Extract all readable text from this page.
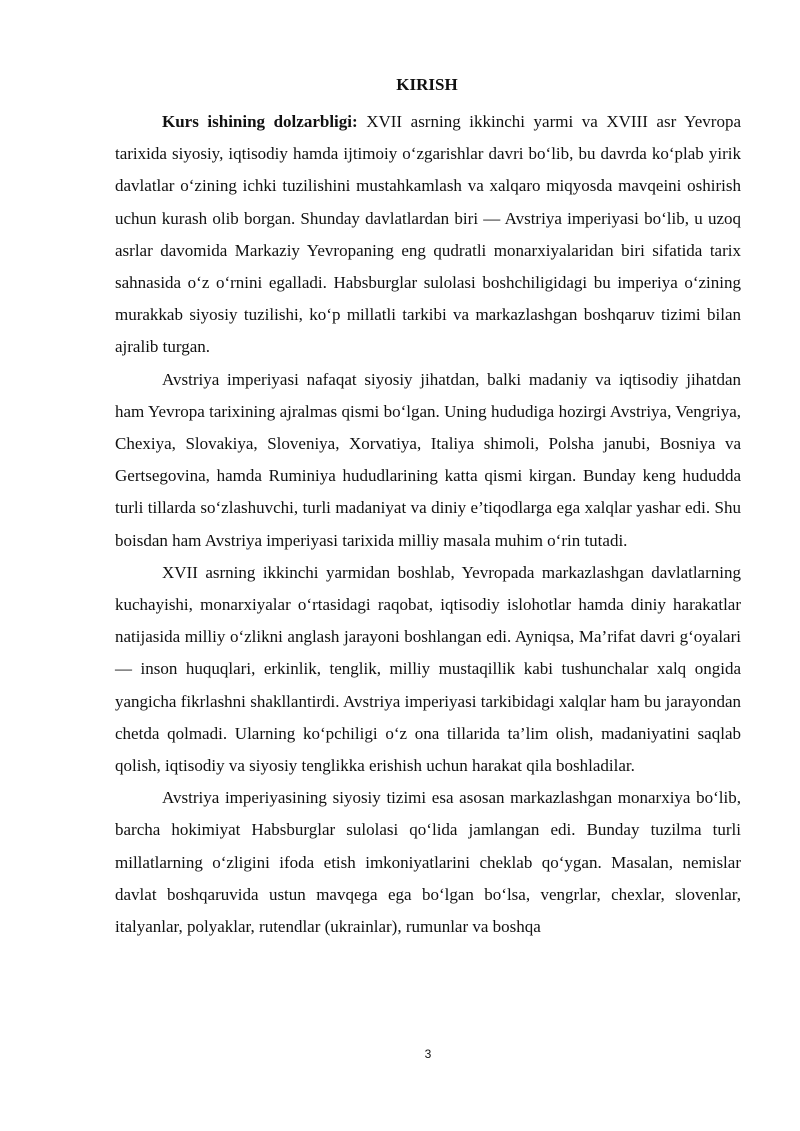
KIRISH

Kurs ishining dolzarbligi: XVII asrning ikkinchi yarmi va XVIII asr Yevropa tarixida siyosiy, iqtisodiy hamda ijtimoiy oʻzgarishlar davri boʻlib, bu davrda koʻplab yirik davlatlar oʻzining ichki tuzilishini mustahkamlash va xalqaro miqyosda mavqeini oshirish uchun kurash olib borgan. Shunday davlatlardan biri — Avstriya imperiyasi boʻlib, u uzoq asrlar davomida Markaziy Yevropaning eng qudratli monarxiyalaridan biri sifatida tarix sahnasida oʻz oʻrnini egalladi. Habsburglar sulolasi boshchiligidagi bu imperiya oʻzining murakkab siyosiy tuzilishi, koʻp millatli tarkibi va markazlashgan boshqaruv tizimi bilan ajralib turgan.

Avstriya imperiyasi nafaqat siyosiy jihatdan, balki madaniy va iqtisodiy jihatdan ham Yevropa tarixining ajralmas qismi boʻlgan. Uning hududiga hozirgi Avstriya, Vengriya, Chexiya, Slovakiya, Sloveniya, Xorvatiya, Italiya shimoli, Polsha janubi, Bosniya va Gertsegovina, hamda Ruminiya hududlarining katta qismi kirgan. Bunday keng hududda turli tillarda soʻzlashuvchi, turli madaniyat va diniy e’tiqodlarga ega xalqlar yashar edi. Shu boisdan ham Avstriya imperiyasi tarixida milliy masala muhim oʻrin tutadi.

XVII asrning ikkinchi yarmidan boshlab, Yevropada markazlashgan davlatlarning kuchayishi, monarxiyalar oʻrtasidagi raqobat, iqtisodiy islohotlar hamda diniy harakatlar natijasida milliy oʻzlikni anglash jarayoni boshlangan edi. Ayniqsa, Ma’rifat davri gʻoyalari — inson huquqlari, erkinlik, tenglik, milliy mustaqillik kabi tushunchalar xalq ongida yangicha fikrlashni shakllantirdi. Avstriya imperiyasi tarkibidagi xalqlar ham bu jarayondan chetda qolmadi. Ularning koʻpchiligi oʻz ona tillarida ta’lim olish, madaniyatini saqlab qolish, iqtisodiy va siyosiy tenglikka erishish uchun harakat qila boshladilar.

Avstriya imperiyasining siyosiy tizimi esa asosan markazlashgan monarxiya boʻlib, barcha hokimiyat Habsburglar sulolasi qoʻlida jamlangan edi. Bunday tuzilma turli millatlarning oʻzligini ifoda etish imkoniyatlarini cheklab qoʻygan. Masalan, nemislar davlat boshqaruvida ustun mavqega ega boʻlgan boʻlsa, vengrlar, chexlar, slovenlar, italyanlar, polyaklar, rutendlar (ukrainlar), rumunlar va boshqa

3
